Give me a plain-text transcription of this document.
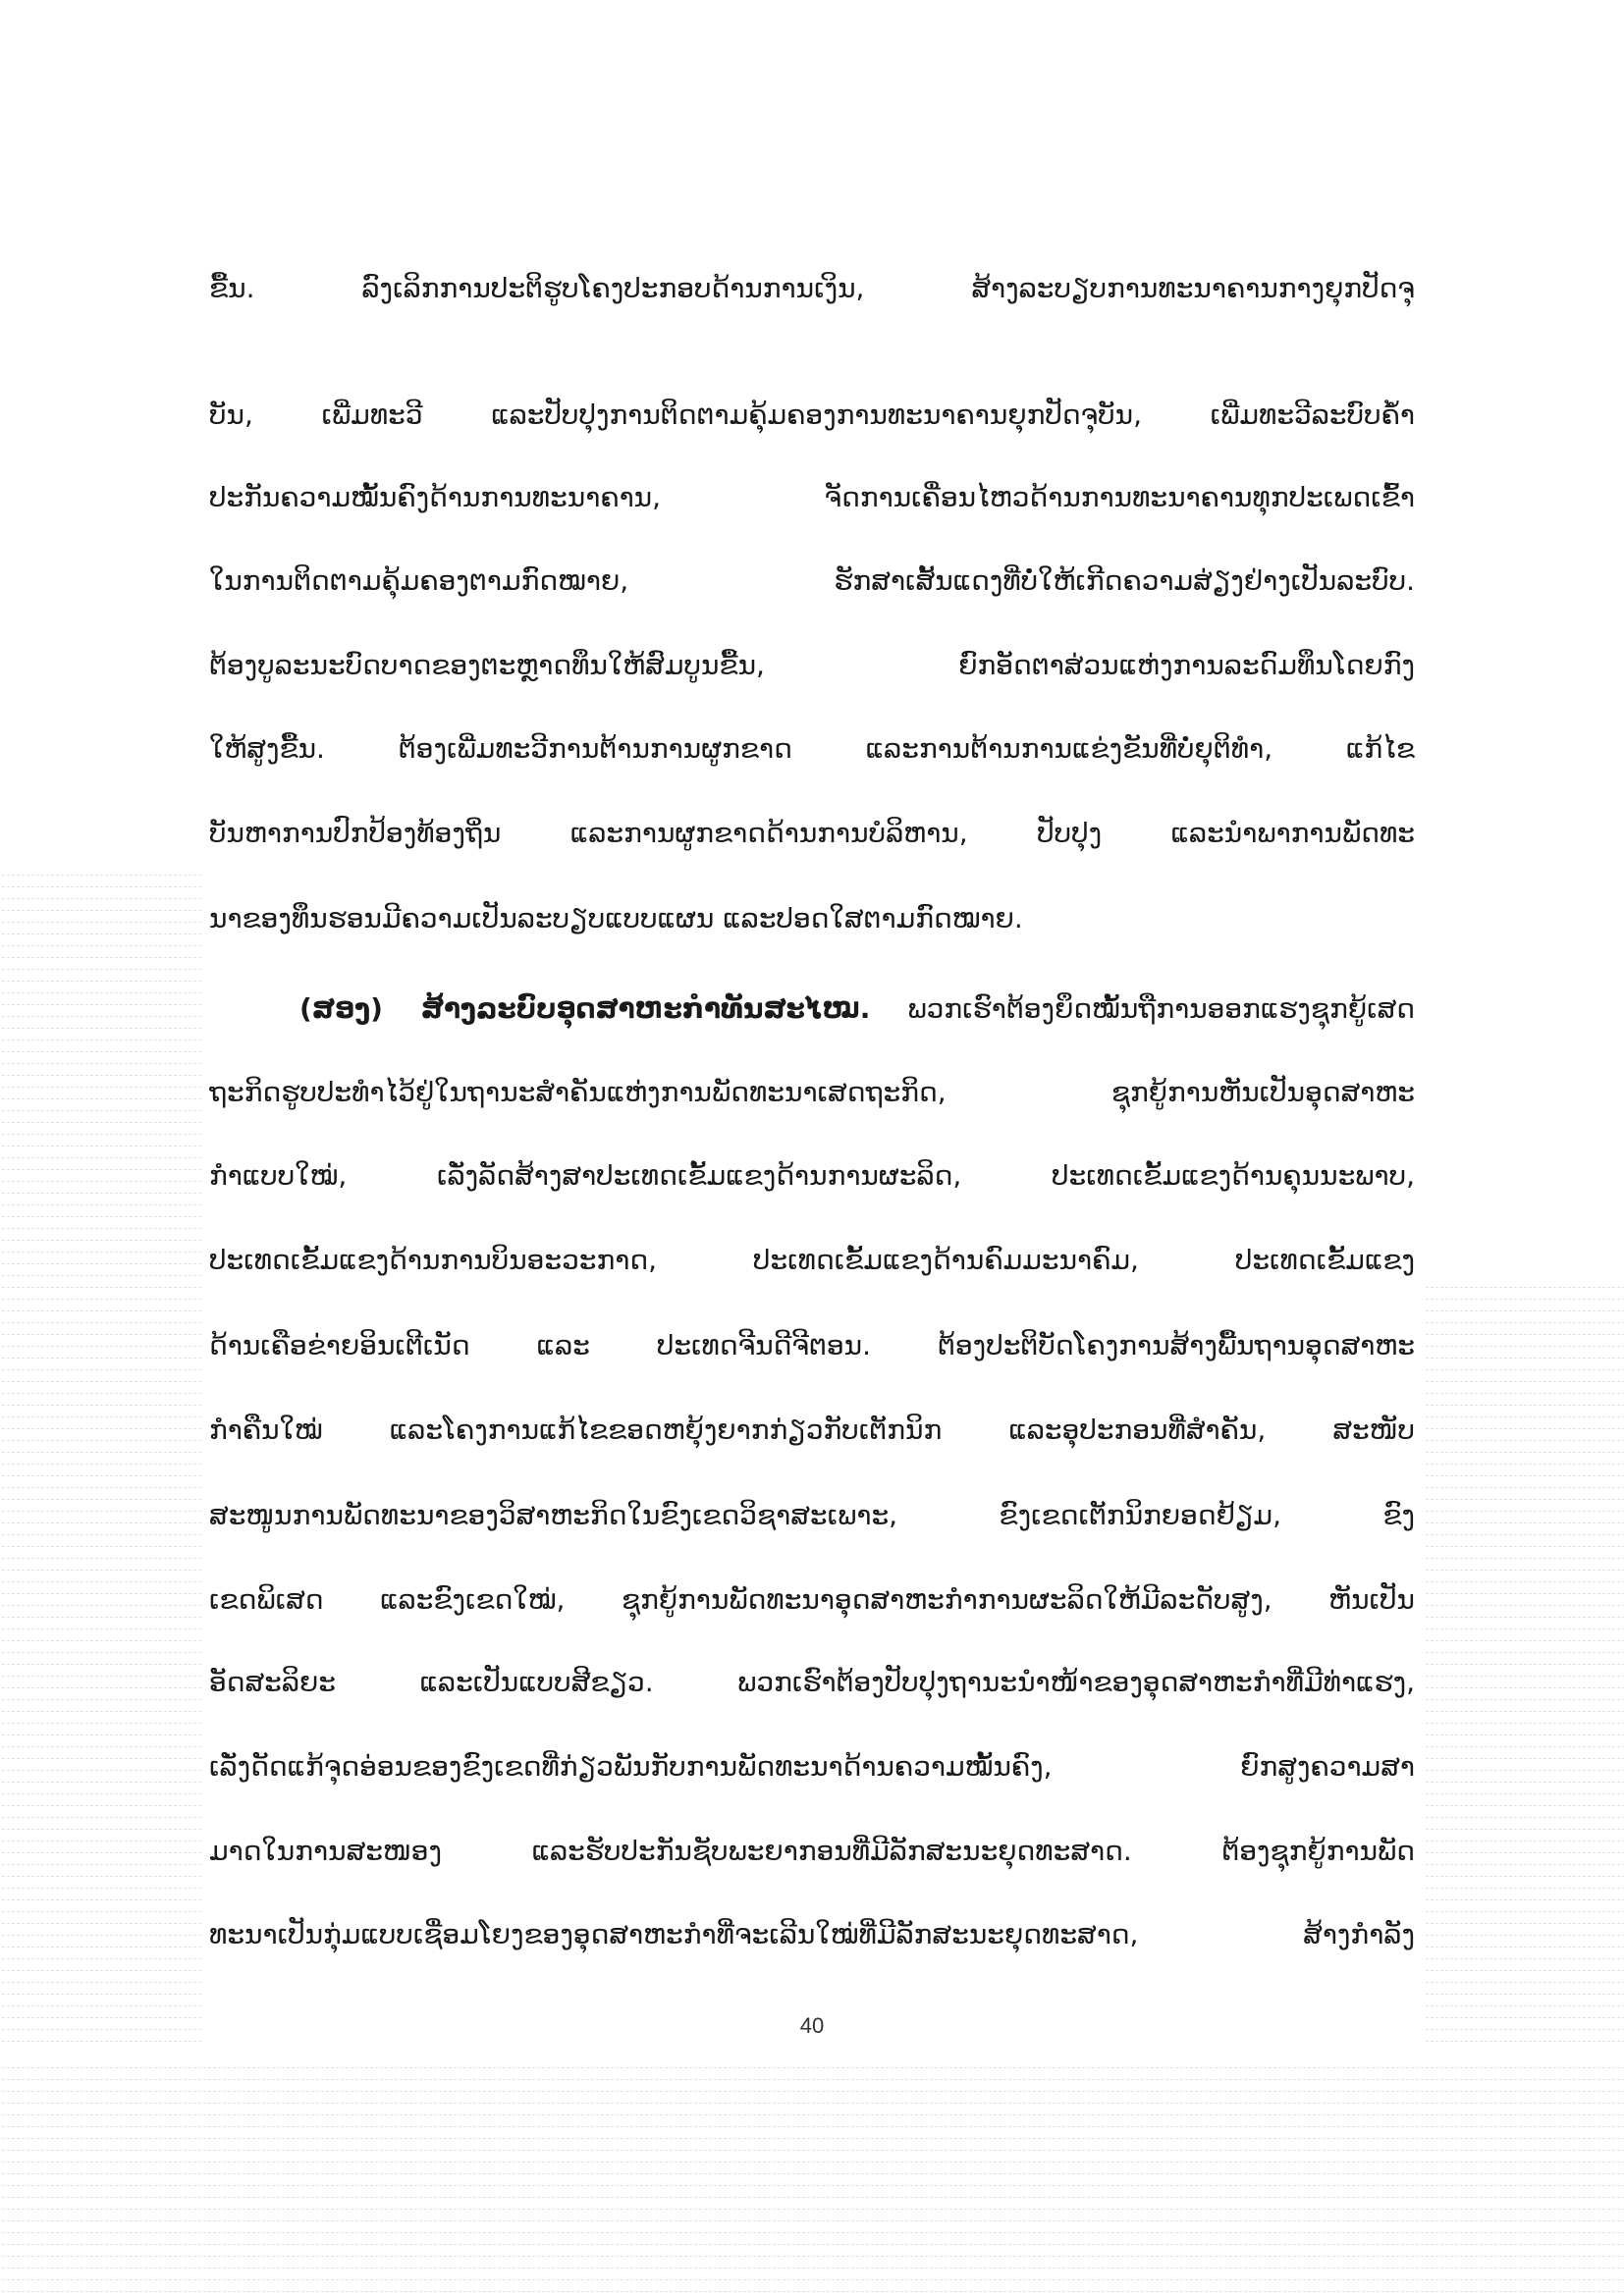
ຂື້ນ. ລົງເລິກການປະຕິຮູບໂຄງປະກອບດ້ານການເງິນ, ສ້າງລະບຽບການທະນາຄານກາງຍຸກປັດຈຸ
ບັນ, ເພີ່ມທະວີ ແລະປັບປຸງການຕິດຕາມຄຸ້ມຄອງການທະນາຄານຍຸກປັດຈຸບັນ, ເພີ່ມທະວີລະບົບຄ້ຳ
ປະກັນຄວາມໝັ້ນຄົງດ້ານການທະນາຄານ, ຈັດການເຄື່ອນໄຫວດ້ານການທະນາຄານທຸກປະເພດເຂົ້າ
ໃນການຕິດຕາມຄຸ້ມຄອງຕາມກົດໝາຍ, ຮັກສາເສັ້ນແດງທີ່ບໍ່ໃຫ້ເກີດຄວາມສ່ຽງຢ່າງເປັນລະບົບ.
ຕ້ອງບູລະນະບົດບາດຂອງຕະຫຼາດທຶນໃຫ້ສົມບູນຂື້ນ, ຍົກອັດຕາສ່ວນແຫ່ງການລະດົມທຶນໂດຍກົງ
ໃຫ້ສູງຂື້ນ. ຕ້ອງເພີ່ມທະວີການຕ້ານການຜູກຂາດ ແລະການຕ້ານການແຂ່ງຂັນທີ່ບໍ່ຍຸຕິທຳ, ແກ້ໄຂ
ບັນຫາການປົກປ້ອງທ້ອງຖິ່ນ ແລະການຜູກຂາດດ້ານການບໍລິຫານ, ປັບປຸງ ແລະນຳພາການພັດທະ
ນາຂອງທຶນຮອນມີຄວາມເປັນລະບຽບແບບແຜນ ແລະປອດໃສຕາມກົດໝາຍ.
(ສອງ) ສ້າງລະບົບອຸດສາຫະກຳທັນສະໄໝ. ພວກເຮົາຕ້ອງຍຶດໝັ້ນຖືການອອກແຮງຊຸກຍູ້ເສດ
ຖະກິດຮູບປະທຳໄວ້ຢູ່ໃນຖານະສຳຄັນແຫ່ງການພັດທະນາເສດຖະກິດ, ຊຸກຍູ້ການຫັນເປັນອຸດສາຫະ
ກຳແບບໃໝ່, ເລັ່ງລັດສ້າງສາປະເທດເຂັ້ມແຂງດ້ານການຜະລິດ, ປະເທດເຂັ້ມແຂງດ້ານຄຸນນະພາບ,
ປະເທດເຂັ້ມແຂງດ້ານການບິນອະວະກາດ, ປະເທດເຂັ້ມແຂງດ້ານຄົມມະນາຄົມ, ປະເທດເຂັ້ມແຂງ
ດ້ານເຄືອຂ່າຍອິນເຕີເນັດ ແລະ ປະເທດຈີນດີຈີຕອນ. ຕ້ອງປະຕິບັດໂຄງການສ້າງພື້ນຖານອຸດສາຫະ
ກຳຄືນໃໝ່ ແລະໂຄງການແກ້ໄຂຂອດຫຍຸ້ງຍາກກ່ຽວກັບເຕັກນິກ ແລະອຸປະກອນທີ່ສຳຄັນ, ສະໜັບ
ສະໜູນການພັດທະນາຂອງວິສາຫະກິດໃນຂົງເຂດວິຊາສະເພາະ, ຂົງເຂດເຕັກນິກຍອດຢ້ຽມ, ຂົງ
ເຂດພິເສດ ແລະຂົງເຂດໃໝ່, ຊຸກຍູ້ການພັດທະນາອຸດສາຫະກຳການຜະລິດໃຫ້ມີລະດັບສູງ, ຫັນເປັນ
ອັດສະລິຍະ ແລະເປັນແບບສີຂຽວ. ພວກເຮົາຕ້ອງປັບປຸງຖານະນຳໜ້າຂອງອຸດສາຫະກຳທີ່ມີທ່າແຮງ,
ເລັ່ງດັດແກ້ຈຸດອ່ອນຂອງຂົງເຂດທີ່ກ່ຽວພັນກັບການພັດທະນາດ້ານຄວາມໝັ້ນຄົງ, ຍົກສູງຄວາມສາ
ມາດໃນການສະໜອງ ແລະຮັບປະກັນຊັບພະຍາກອນທີ່ມີລັກສະນະຍຸດທະສາດ. ຕ້ອງຊຸກຍູ້ການພັດ
ທະນາເປັນກຸ່ມແບບເຊື່ອມໂຍງຂອງອຸດສາຫະກຳທີ່ຈະເລີນໃໝ່ທີ່ມີລັກສະນະຍຸດທະສາດ, ສ້າງກຳລັງ
40
